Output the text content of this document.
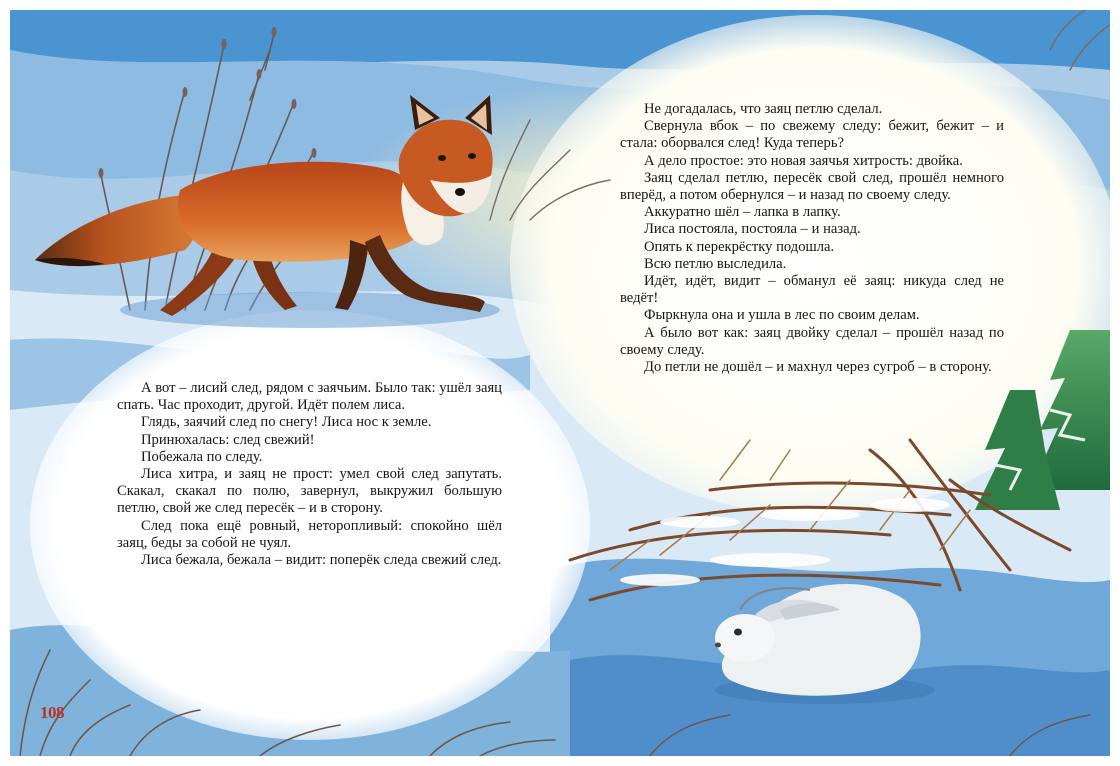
А вот – лисий след, рядом с заячьим. Было так: ушёл заяц спать. Час проходит, другой. Идёт полем лиса.

Глядь, заячий след по снегу! Лиса нос к земле.

Принюхалась: след свежий!

Побежала по следу.

Лиса хитра, и заяц не прост: умел свой след запутать. Скакал, скакал по полю, завернул, выкружил большую петлю, свой же след пересёк – и в сторону.

След пока ещё ровный, неторопливый: спокойно шёл заяц, беды за собой не чуял.

Лиса бежала, бежала – видит: поперёк следа свежий след.

Не догадалась, что заяц петлю сделал.

Свернула вбок – по свежему следу: бежит, бежит – и стала: оборвался след! Куда теперь?

А дело простое: это новая заячья хитрость: двойка.

Заяц сделал петлю, пересёк свой след, прошёл немного вперёд, а потом обернулся – и назад по своему следу.

Аккуратно шёл – лапка в лапку.

Лиса постояла, постояла – и назад.

Опять к перекрёстку подошла.

Всю петлю выследила.

Идёт, идёт, видит – обманул её заяц: никуда след не ведёт!

Фыркнула она и ушла в лес по своим делам.

А было вот как: заяц двойку сделал – прошёл назад по своему следу.

До петли не дошёл – и махнул через сугроб – в сторону.

108
